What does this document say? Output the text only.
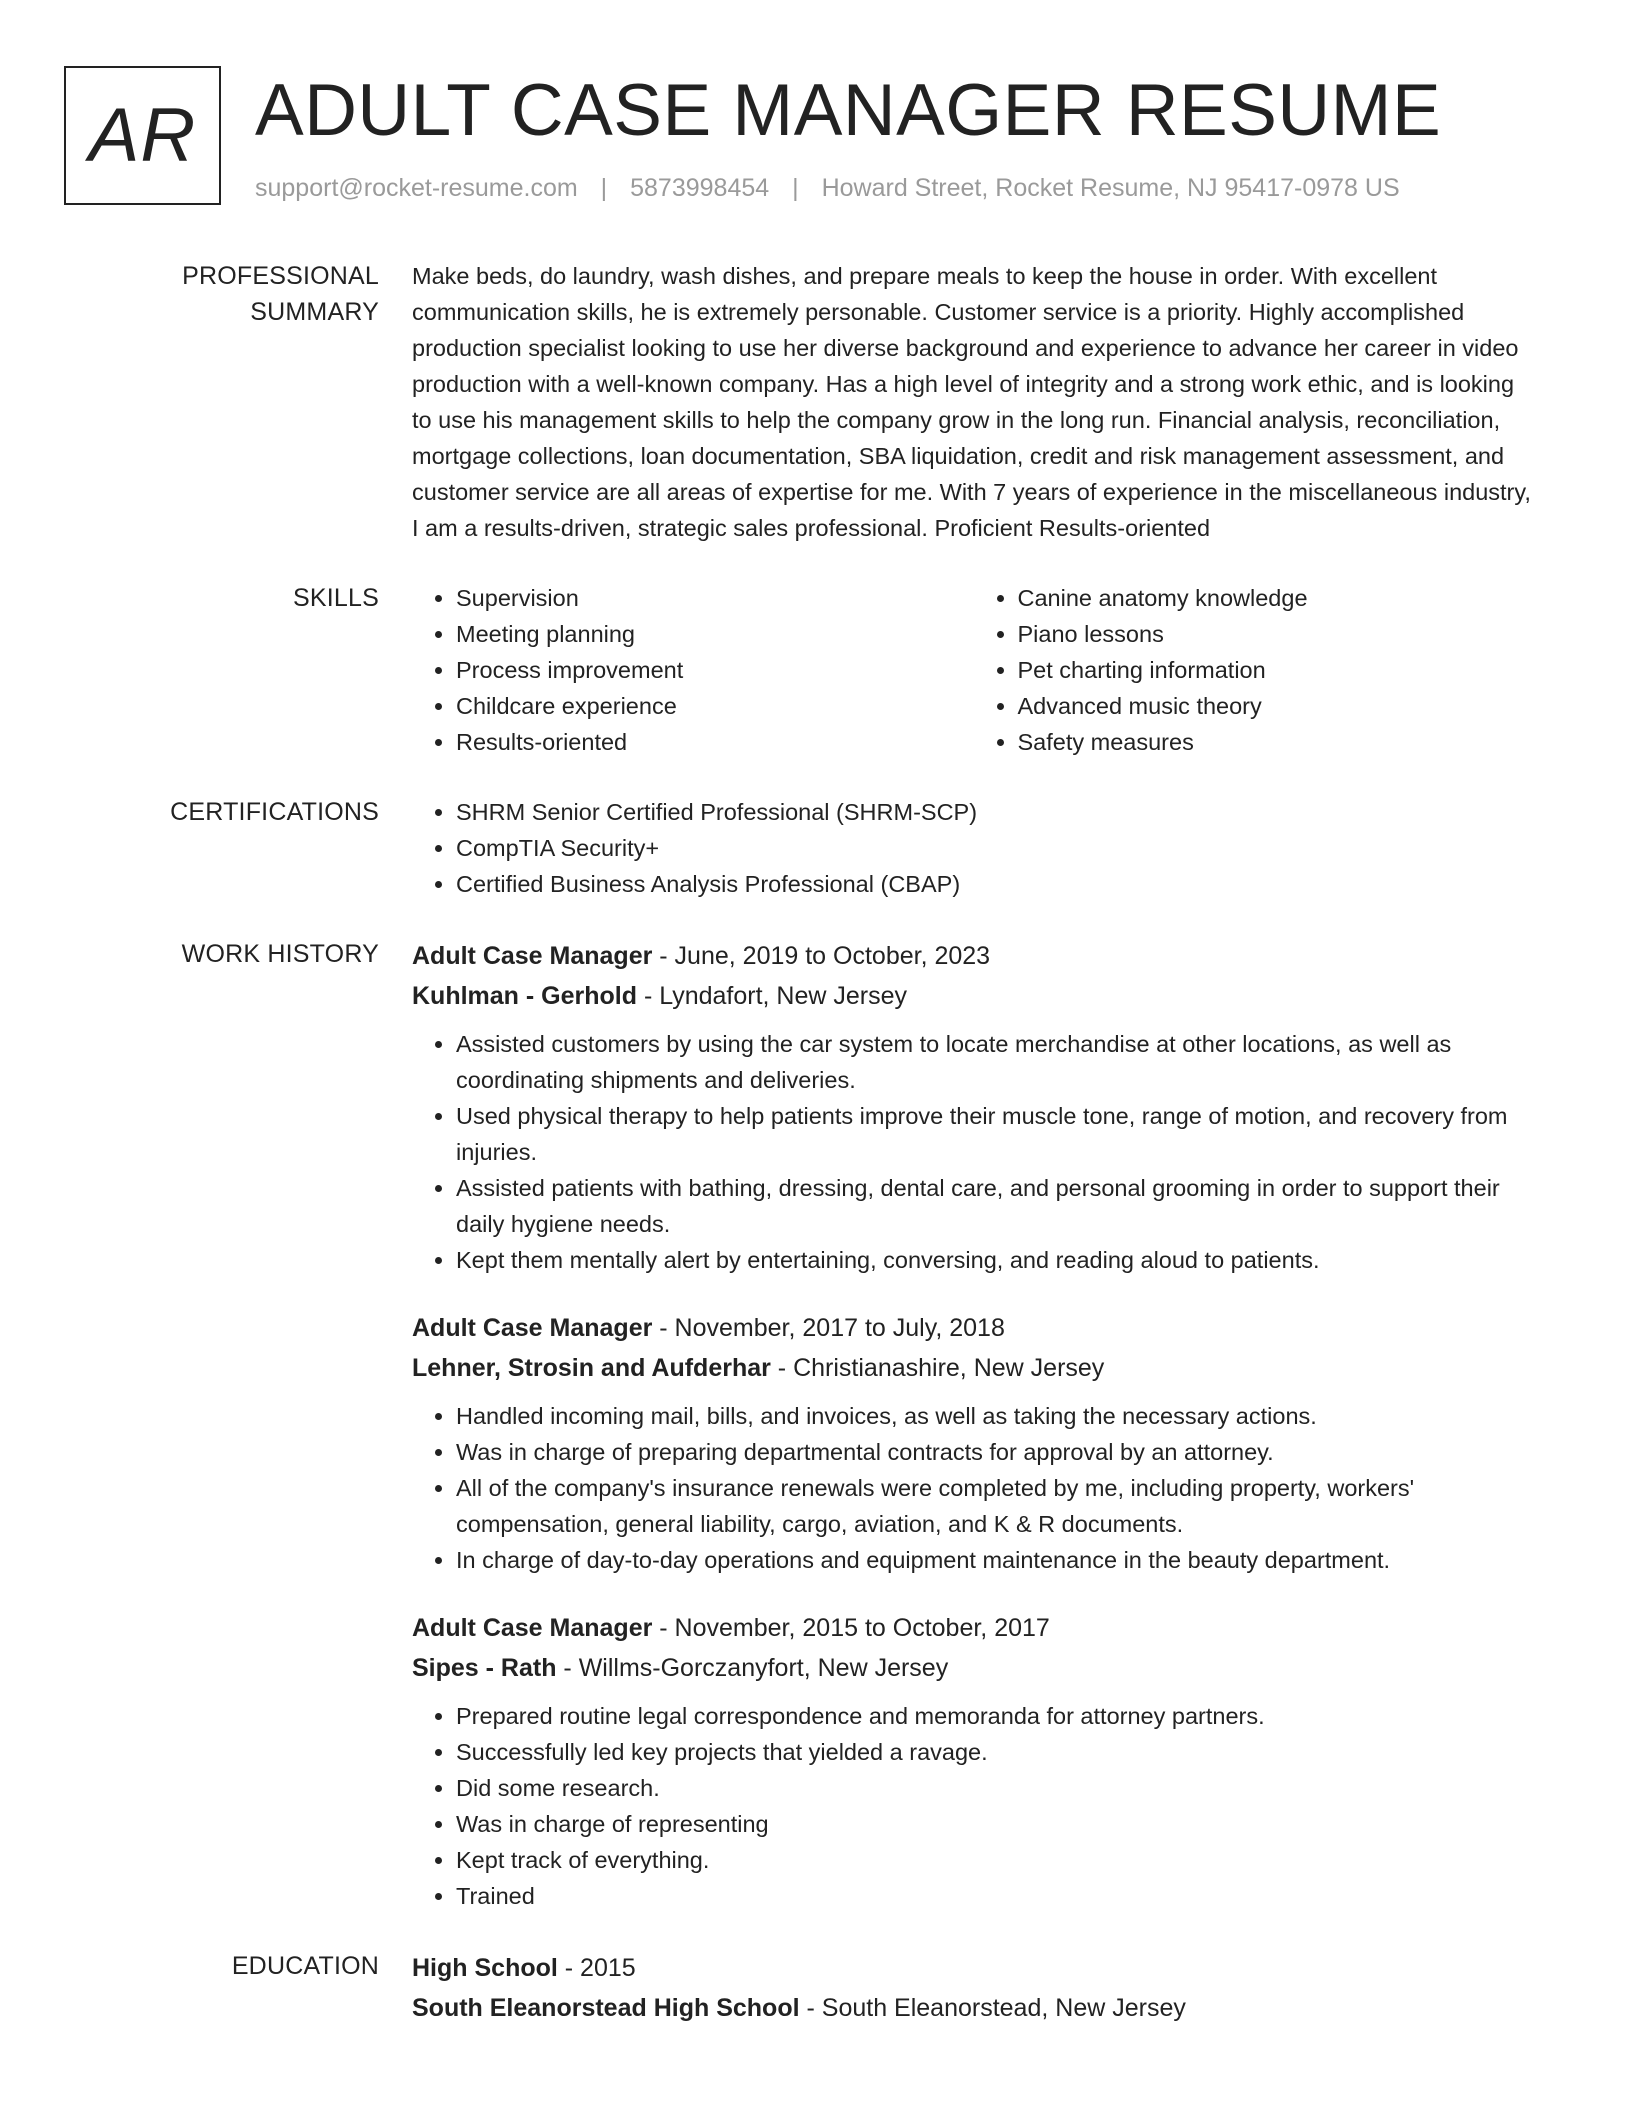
AR ADULT CASE MANAGER RESUME
support@rocket-resume.com | 5873998454 | Howard Street, Rocket Resume, NJ 95417-0978 US
PROFESSIONAL SUMMARY

Make beds, do laundry, wash dishes, and prepare meals to keep the house in order. With excellent communication skills, he is extremely personable. Customer service is a priority. Highly accomplished production specialist looking to use her diverse background and experience to advance her career in video production with a well-known company. Has a high level of integrity and a strong work ethic, and is looking to use his management skills to help the company grow in the long run. Financial analysis, reconciliation, mortgage collections, loan documentation, SBA liquidation, credit and risk management assessment, and customer service are all areas of expertise for me. With 7 years of experience in the miscellaneous industry, I am a results-driven, strategic sales professional. Proficient Results-oriented

SKILLS	• Supervision
• Meeting planning
• Process improvement
• Childcare experience
• Results-oriented
• Canine anatomy knowledge
• Piano lessons
• Pet charting information
• Advanced music theory
• Safety measures
CERTIFICATIONS	• SHRM Senior Certified Professional (SHRM-SCP)
• CompTIA Security+
• Certified Business Analysis Professional (CBAP)
WORK HISTORY	Adult Case Manager - June, 2019 to October, 2023
Kuhlman - Gerhold - Lyndafort, New Jersey
• Assisted customers by using the car system to locate merchandise at other locations, as well as coordinating shipments and deliveries.
• Used physical therapy to help patients improve their muscle tone, range of motion, and recovery from injuries.
• Assisted patients with bathing, dressing, dental care, and personal grooming in order to support their daily hygiene needs.
• Kept them mentally alert by entertaining, conversing, and reading aloud to patients.
Adult Case Manager - November, 2017 to July, 2018
Lehner, Strosin and Aufderhar - Christianashire, New Jersey
• Handled incoming mail, bills, and invoices, as well as taking the necessary actions.
• Was in charge of preparing departmental contracts for approval by an attorney.
• All of the company's insurance renewals were completed by me, including property, workers' compensation, general liability, cargo, aviation, and K & R documents.
• In charge of day-to-day operations and equipment maintenance in the beauty department.
Adult Case Manager - November, 2015 to October, 2017
Sipes - Rath - Willms-Gorczanyfort, New Jersey
• Prepared routine legal correspondence and memoranda for attorney partners.
• Successfully led key projects that yielded a ravage.
• Did some research.
• Was in charge of representing
• Kept track of everything.
• Trained
EDUCATION	High School - 2015
South Eleanorstead High School - South Eleanorstead, New Jersey
